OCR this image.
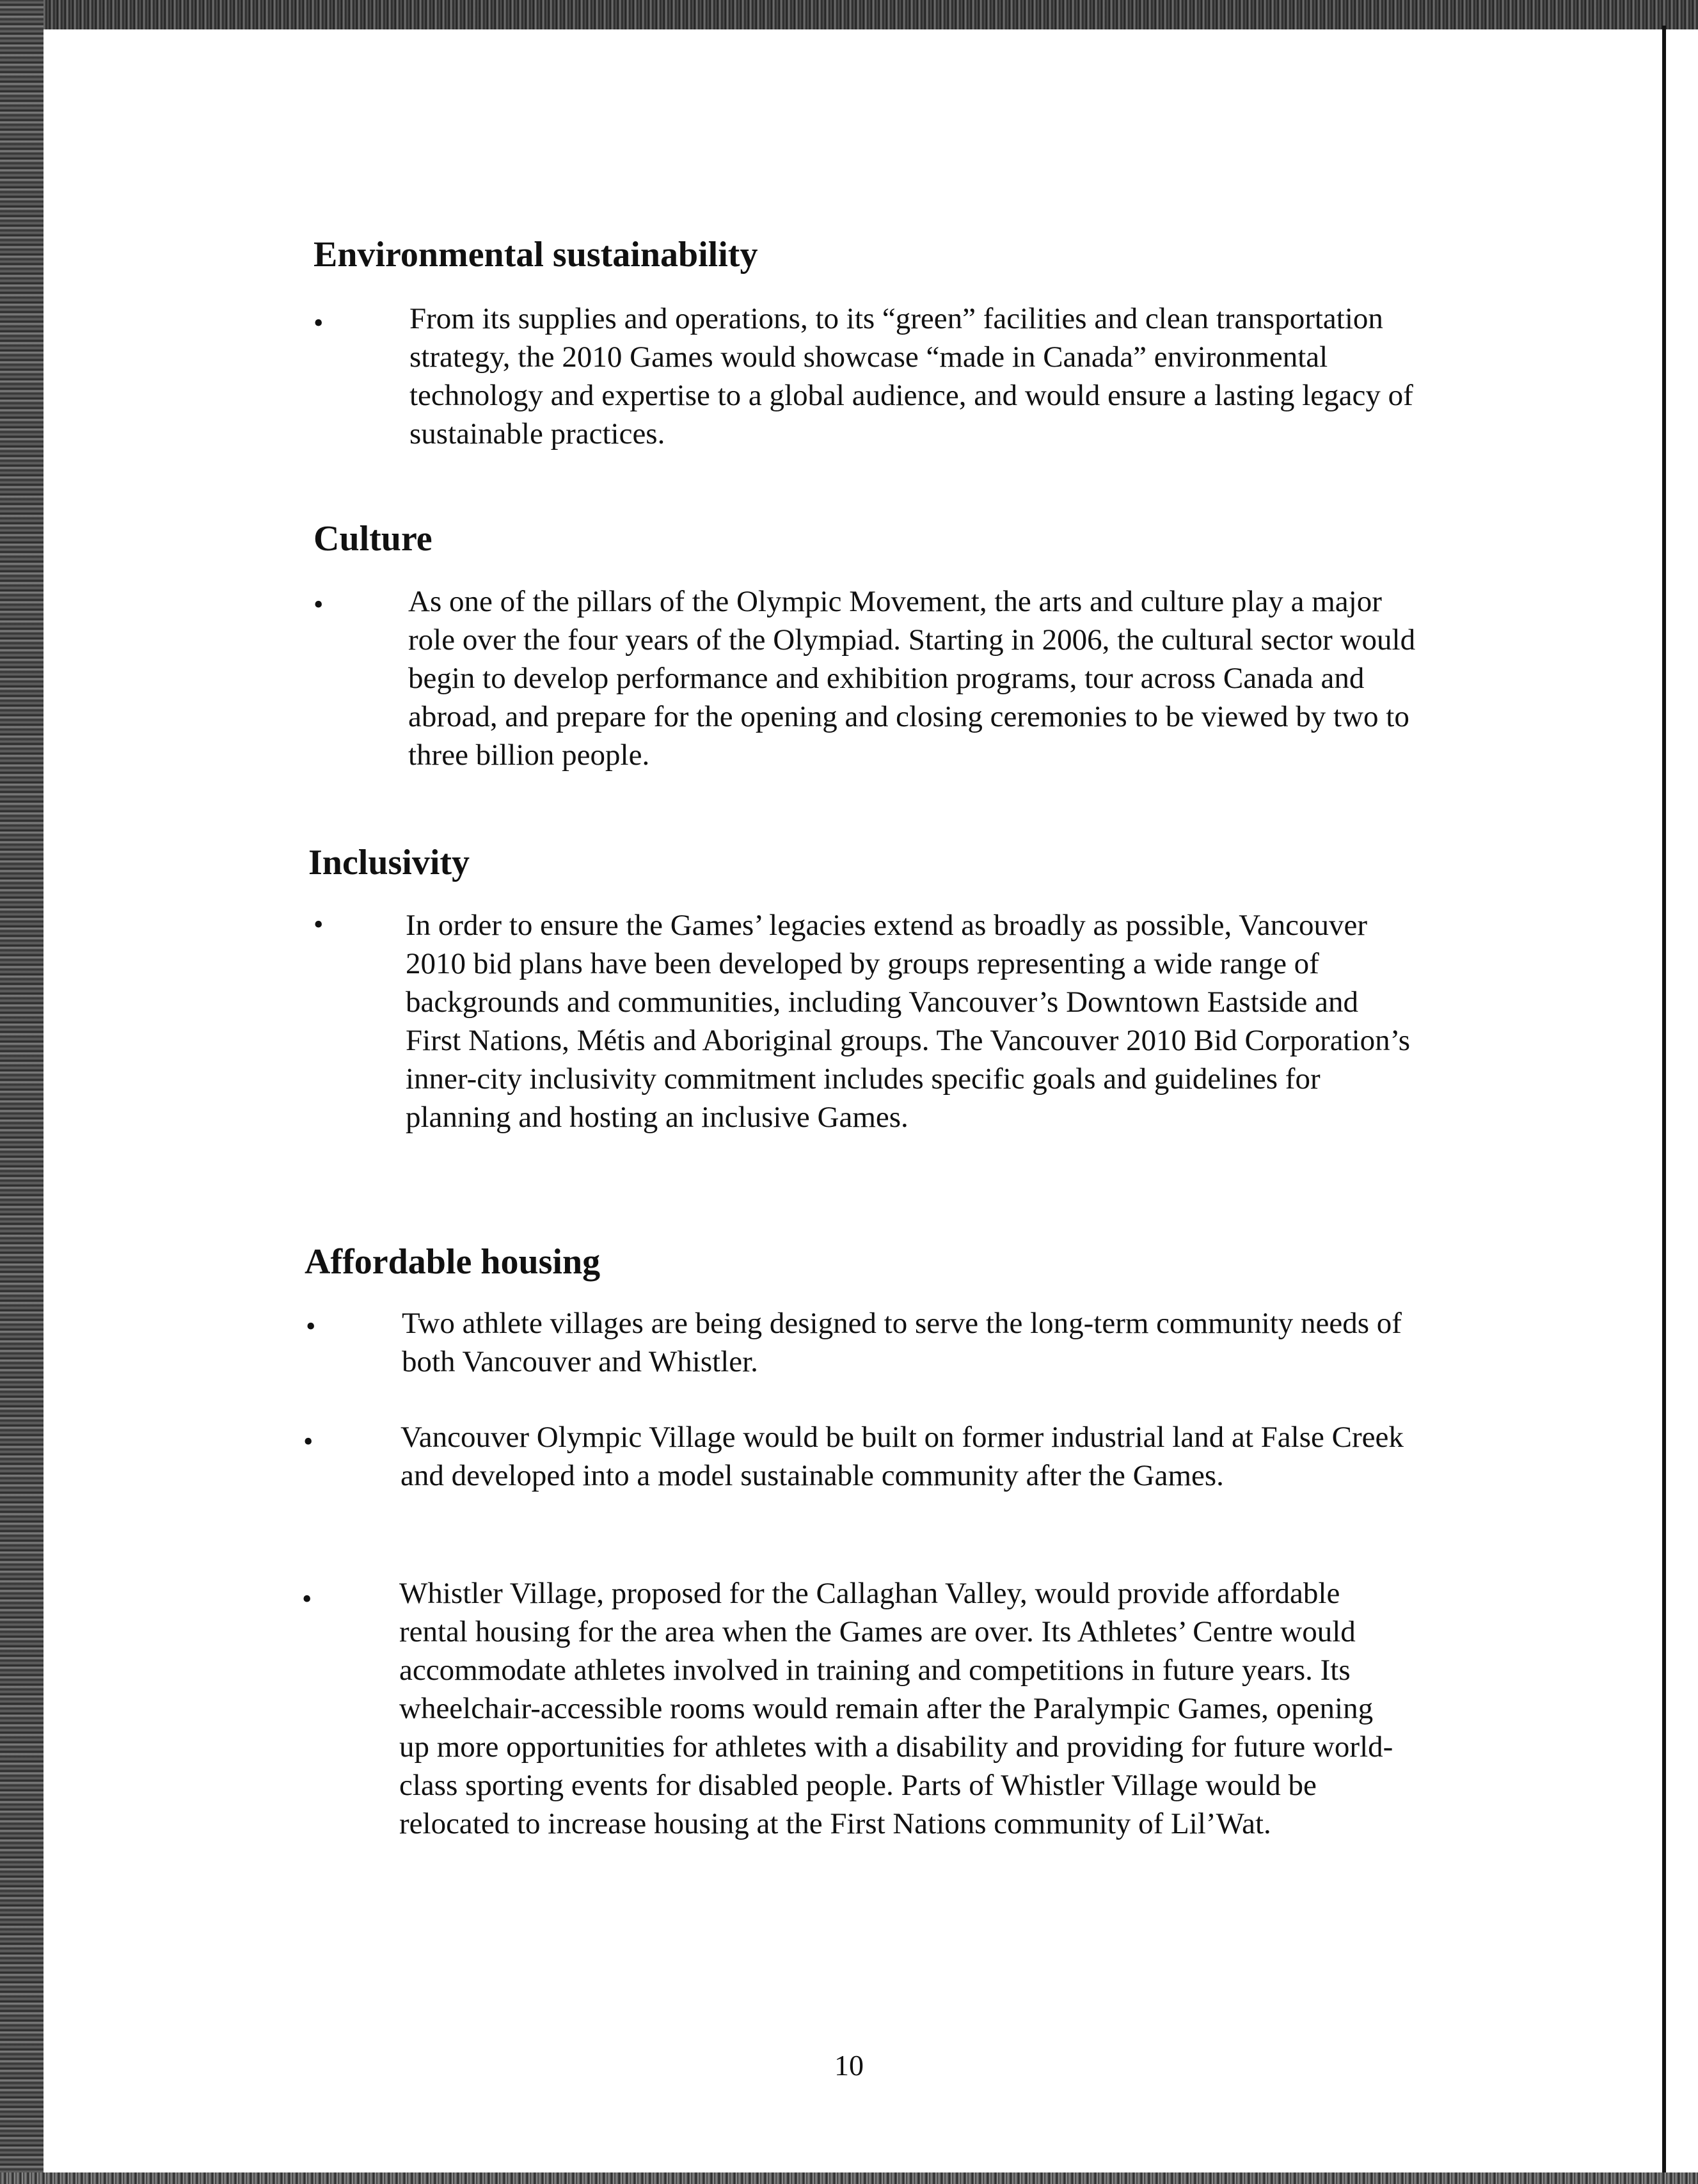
Environmental sustainability
•	From its supplies and operations, to its “green” facilities and clean transportation strategy, the 2010 Games would showcase “made in Canada” environmental technology and expertise to a global audience, and would ensure a lasting legacy of sustainable practices.

Culture
•	As one of the pillars of the Olympic Movement, the arts and culture play a major role over the four years of the Olympiad. Starting in 2006, the cultural sector would begin to develop performance and exhibition programs, tour across Canada and abroad, and prepare for the opening and closing ceremonies to be viewed by two to three billion people.

Inclusivity
•	In order to ensure the Games’ legacies extend as broadly as possible, Vancouver 2010 bid plans have been developed by groups representing a wide range of backgrounds and communities, including Vancouver’s Downtown Eastside and First Nations, Métis and Aboriginal groups. The Vancouver 2010 Bid Corporation’s inner-city inclusivity commitment includes specific goals and guidelines for planning and hosting an inclusive Games.

Affordable housing
•	Two athlete villages are being designed to serve the long-term community needs of both Vancouver and Whistler.

•	Vancouver Olympic Village would be built on former industrial land at False Creek and developed into a model sustainable community after the Games.

•	Whistler Village, proposed for the Callaghan Valley, would provide affordable rental housing for the area when the Games are over. Its Athletes’ Centre would accommodate athletes involved in training and competitions in future years. Its wheelchair-accessible rooms would remain after the Paralympic Games, opening up more opportunities for athletes with a disability and providing for future world-class sporting events for disabled people. Parts of Whistler Village would be relocated to increase housing at the First Nations community of Lil’Wat.

10
